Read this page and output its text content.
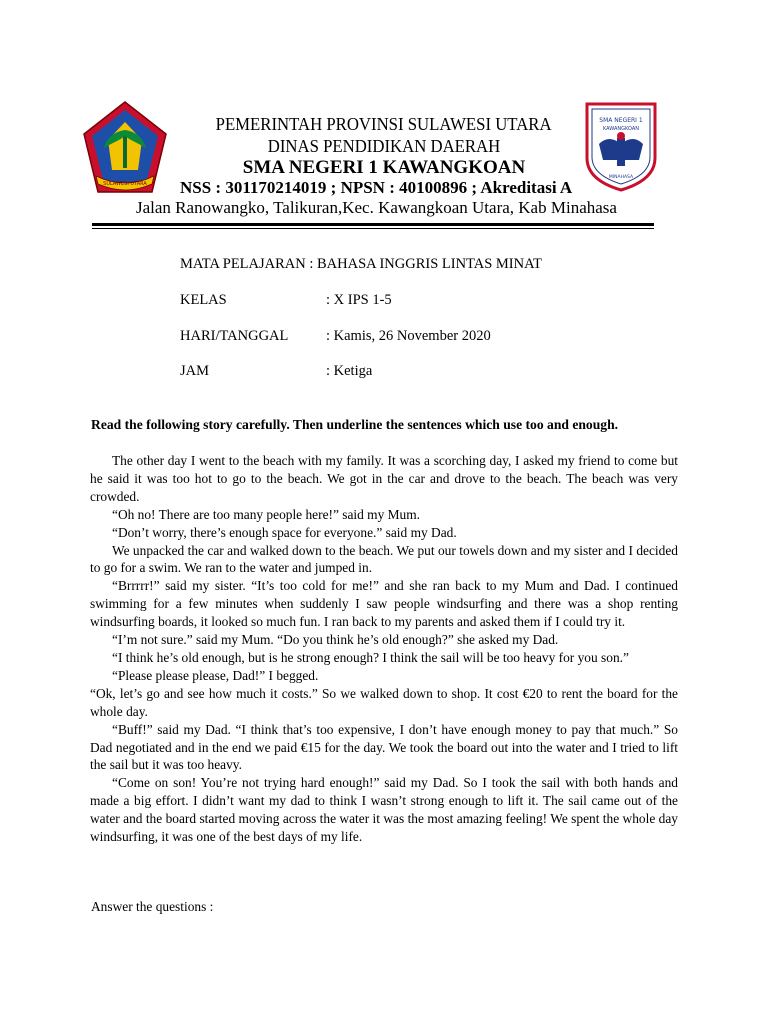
SULAWESI UTARA
SMA NEGERI 1
KAWANGKOAN
MINAHASA
PEMERINTAH PROVINSI SULAWESI UTARA
DINAS PENDIDIKAN DAERAH
SMA NEGERI 1 KAWANGKOAN
NSS : 301170214019 ; NPSN : 40100896 ; Akreditasi A
Jalan Ranowangko, Talikuran,Kec. Kawangkoan Utara, Kab Minahasa
MATA PELAJARAN : BAHASA INGGRIS LINTAS MINAT
KELAS	: X IPS 1-5
HARI/TANGGAL	: Kamis, 26 November 2020
JAM	: Ketiga
Read the following story carefully. Then underline the sentences which use too and enough.

The other day I went to the beach with my family. It was a scorching day, I asked my friend to come but he said it was too hot to go to the beach. We got in the car and drove to the beach. The beach was very crowded.

“Oh no! There are too many people here!” said my Mum.

“Don’t worry, there’s enough space for everyone.” said my Dad.

We unpacked the car and walked down to the beach. We put our towels down and my sister and I decided to go for a swim. We ran to the water and jumped in.

“Brrrrr!” said my sister. “It’s too cold for me!” and she ran back to my Mum and Dad. I continued swimming for a few minutes when suddenly I saw people windsurfing and there was a shop renting windsurfing boards, it looked so much fun. I ran back to my parents and asked them if I could try it.

“I’m not sure.” said my Mum. “Do you think he’s old enough?” she asked my Dad.

“I think he’s old enough, but is he strong enough? I think the sail will be too heavy for you son.”

“Please please please, Dad!” I begged.

“Ok, let’s go and see how much it costs.” So we walked down to shop. It cost €20 to rent the board for the whole day.

“Buff!” said my Dad. “I think that’s too expensive, I don’t have enough money to pay that much.” So Dad negotiated and in the end we paid €15 for the day. We took the board out into the water and I tried to lift the sail but it was too heavy.

“Come on son! You’re not trying hard enough!” said my Dad. So I took the sail with both hands and made a big effort. I didn’t want my dad to think I wasn’t strong enough to lift it. The sail came out of the water and the board started moving across the water it was the most amazing feeling! We spent the whole day windsurfing, it was one of the best days of my life.

Answer the questions :
